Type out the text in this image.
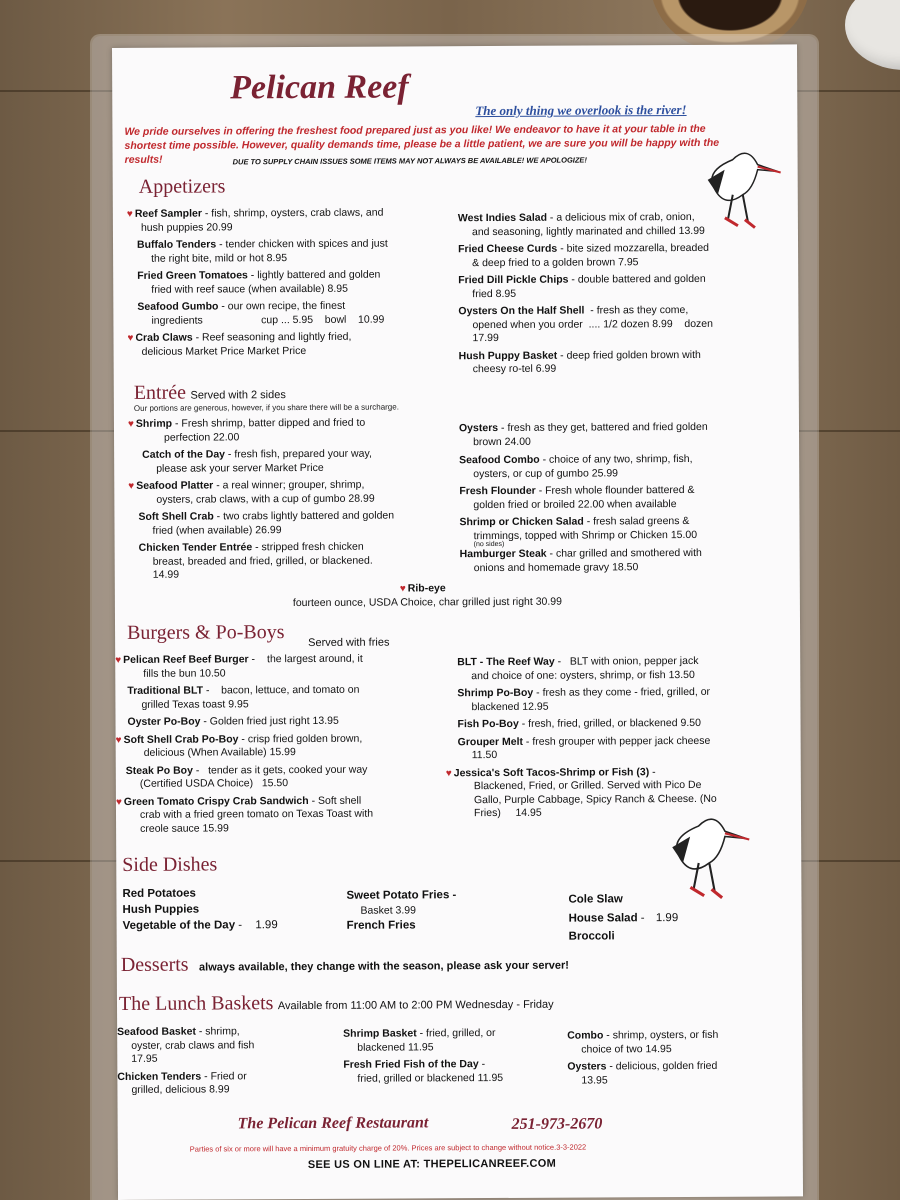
Pelican Reef
The only thing we overlook is the river!
We pride ourselves in offering the freshest food prepared just as you like! We endeavor to have it at your table in the shortest time possible. However, quality demands time, please be a little patient, we are sure you will be happy with the results!	DUE TO SUPPLY CHAIN ISSUES SOME ITEMS MAY NOT ALWAYS BE AVAILABLE! WE APOLOGIZE!
Appetizers
♥ Reef Sampler - fish, shrimp, oysters, crab claws, and
hush puppies 20.99
Buffalo Tenders - tender chicken with spices and just
the right bite, mild or hot 8.95
Fried Green Tomatoes - lightly battered and golden
fried with reef sauce (when available) 8.95
Seafood Gumbo - our own recipe, the finest
ingredients                    cup ... 5.95    bowl    10.99
♥ Crab Claws - Reef seasoning and lightly fried,
delicious Market Price Market Price
West Indies Salad - a delicious mix of crab, onion,
and seasoning, lightly marinated and chilled 13.99
Fried Cheese Curds - bite sized mozzarella, breaded
& deep fried to a golden brown 7.95
Fried Dill Pickle Chips - double battered and golden
fried 8.95
Oysters On the Half Shell  - fresh as they come,
opened when you order  .... 1/2 dozen 8.99    dozen
17.99
Hush Puppy Basket - deep fried golden brown with
cheesy ro-tel 6.99
Entrée Served with 2 sides
Our portions are generous, however, if you share there will be a surcharge.
♥ Shrimp - Fresh shrimp, batter dipped and fried to
perfection 22.00
Catch of the Day - fresh fish, prepared your way,
please ask your server Market Price
♥ Seafood Platter - a real winner; grouper, shrimp,
oysters, crab claws, with a cup of gumbo 28.99
Soft Shell Crab - two crabs lightly battered and golden
fried (when available) 26.99
Chicken Tender Entrée - stripped fresh chicken
breast, breaded and fried, grilled, or blackened.
14.99
Oysters - fresh as they get, battered and fried golden
brown 24.00
Seafood Combo - choice of any two, shrimp, fish,
oysters, or cup of gumbo 25.99
Fresh Flounder - Fresh whole flounder battered &
golden fried or broiled 22.00 when available
Shrimp or Chicken Salad - fresh salad greens &
trimmings, topped with Shrimp or Chicken 15.00
(no sides)
Hamburger Steak - char grilled and smothered with
onions and homemade gravy 18.50
♥ Rib-eye
fourteen ounce, USDA Choice, char grilled just right 30.99
Burgers & Po-Boys Served with fries
♥ Pelican Reef Beef Burger - the largest around, it
fills the bun 10.50
Traditional BLT -    bacon, lettuce, and tomato on
grilled Texas toast 9.95
Oyster Po-Boy - Golden fried just right 13.95
♥ Soft Shell Crab Po-Boy - crisp fried golden brown,
delicious (When Available) 15.99
Steak Po Boy -   tender as it gets, cooked your way
(Certified USDA Choice)   15.50
♥ Green Tomato Crispy Crab Sandwich - Soft shell
crab with a fried green tomato on Texas Toast with
creole sauce 15.99
BLT - The Reef Way -   BLT with onion, pepper jack
and choice of one: oysters, shrimp, or fish 13.50
Shrimp Po-Boy - fresh as they come - fried, grilled, or
blackened 12.95
Fish Po-Boy - fresh, fried, grilled, or blackened 9.50
Grouper Melt - fresh grouper with pepper jack cheese
11.50
♥ Jessica's Soft Tacos-Shrimp or Fish (3) -
Blackened, Fried, or Grilled. Served with Pico De
Gallo, Purple Cabbage, Spicy Ranch & Cheese. (No
Fries)     14.95
Side Dishes
Red Potatoes
Hush Puppies
Vegetable of the Day - 1.99
Sweet Potato Fries -
Basket 3.99
French Fries
Cole Slaw
House Salad - 1.99
Broccoli
Desserts always available, they change with the season, please ask your server!
The Lunch Baskets Available from 11:00 AM to 2:00 PM Wednesday - Friday
Seafood Basket - shrimp,
oyster, crab claws and fish
17.95
Chicken Tenders - Fried or
grilled, delicious 8.99
Shrimp Basket - fried, grilled, or
blackened 11.95
Fresh Fried Fish of the Day -
fried, grilled or blackened 11.95
Combo - shrimp, oysters, or fish
choice of two 14.95
Oysters - delicious, golden fried
13.95
The Pelican Reef Restaurant	251-973-2670
Parties of six or more will have a minimum gratuity charge of 20%. Prices are subject to change without notice.3-3-2022
SEE US ON LINE AT: THEPELICANREEF.COM
